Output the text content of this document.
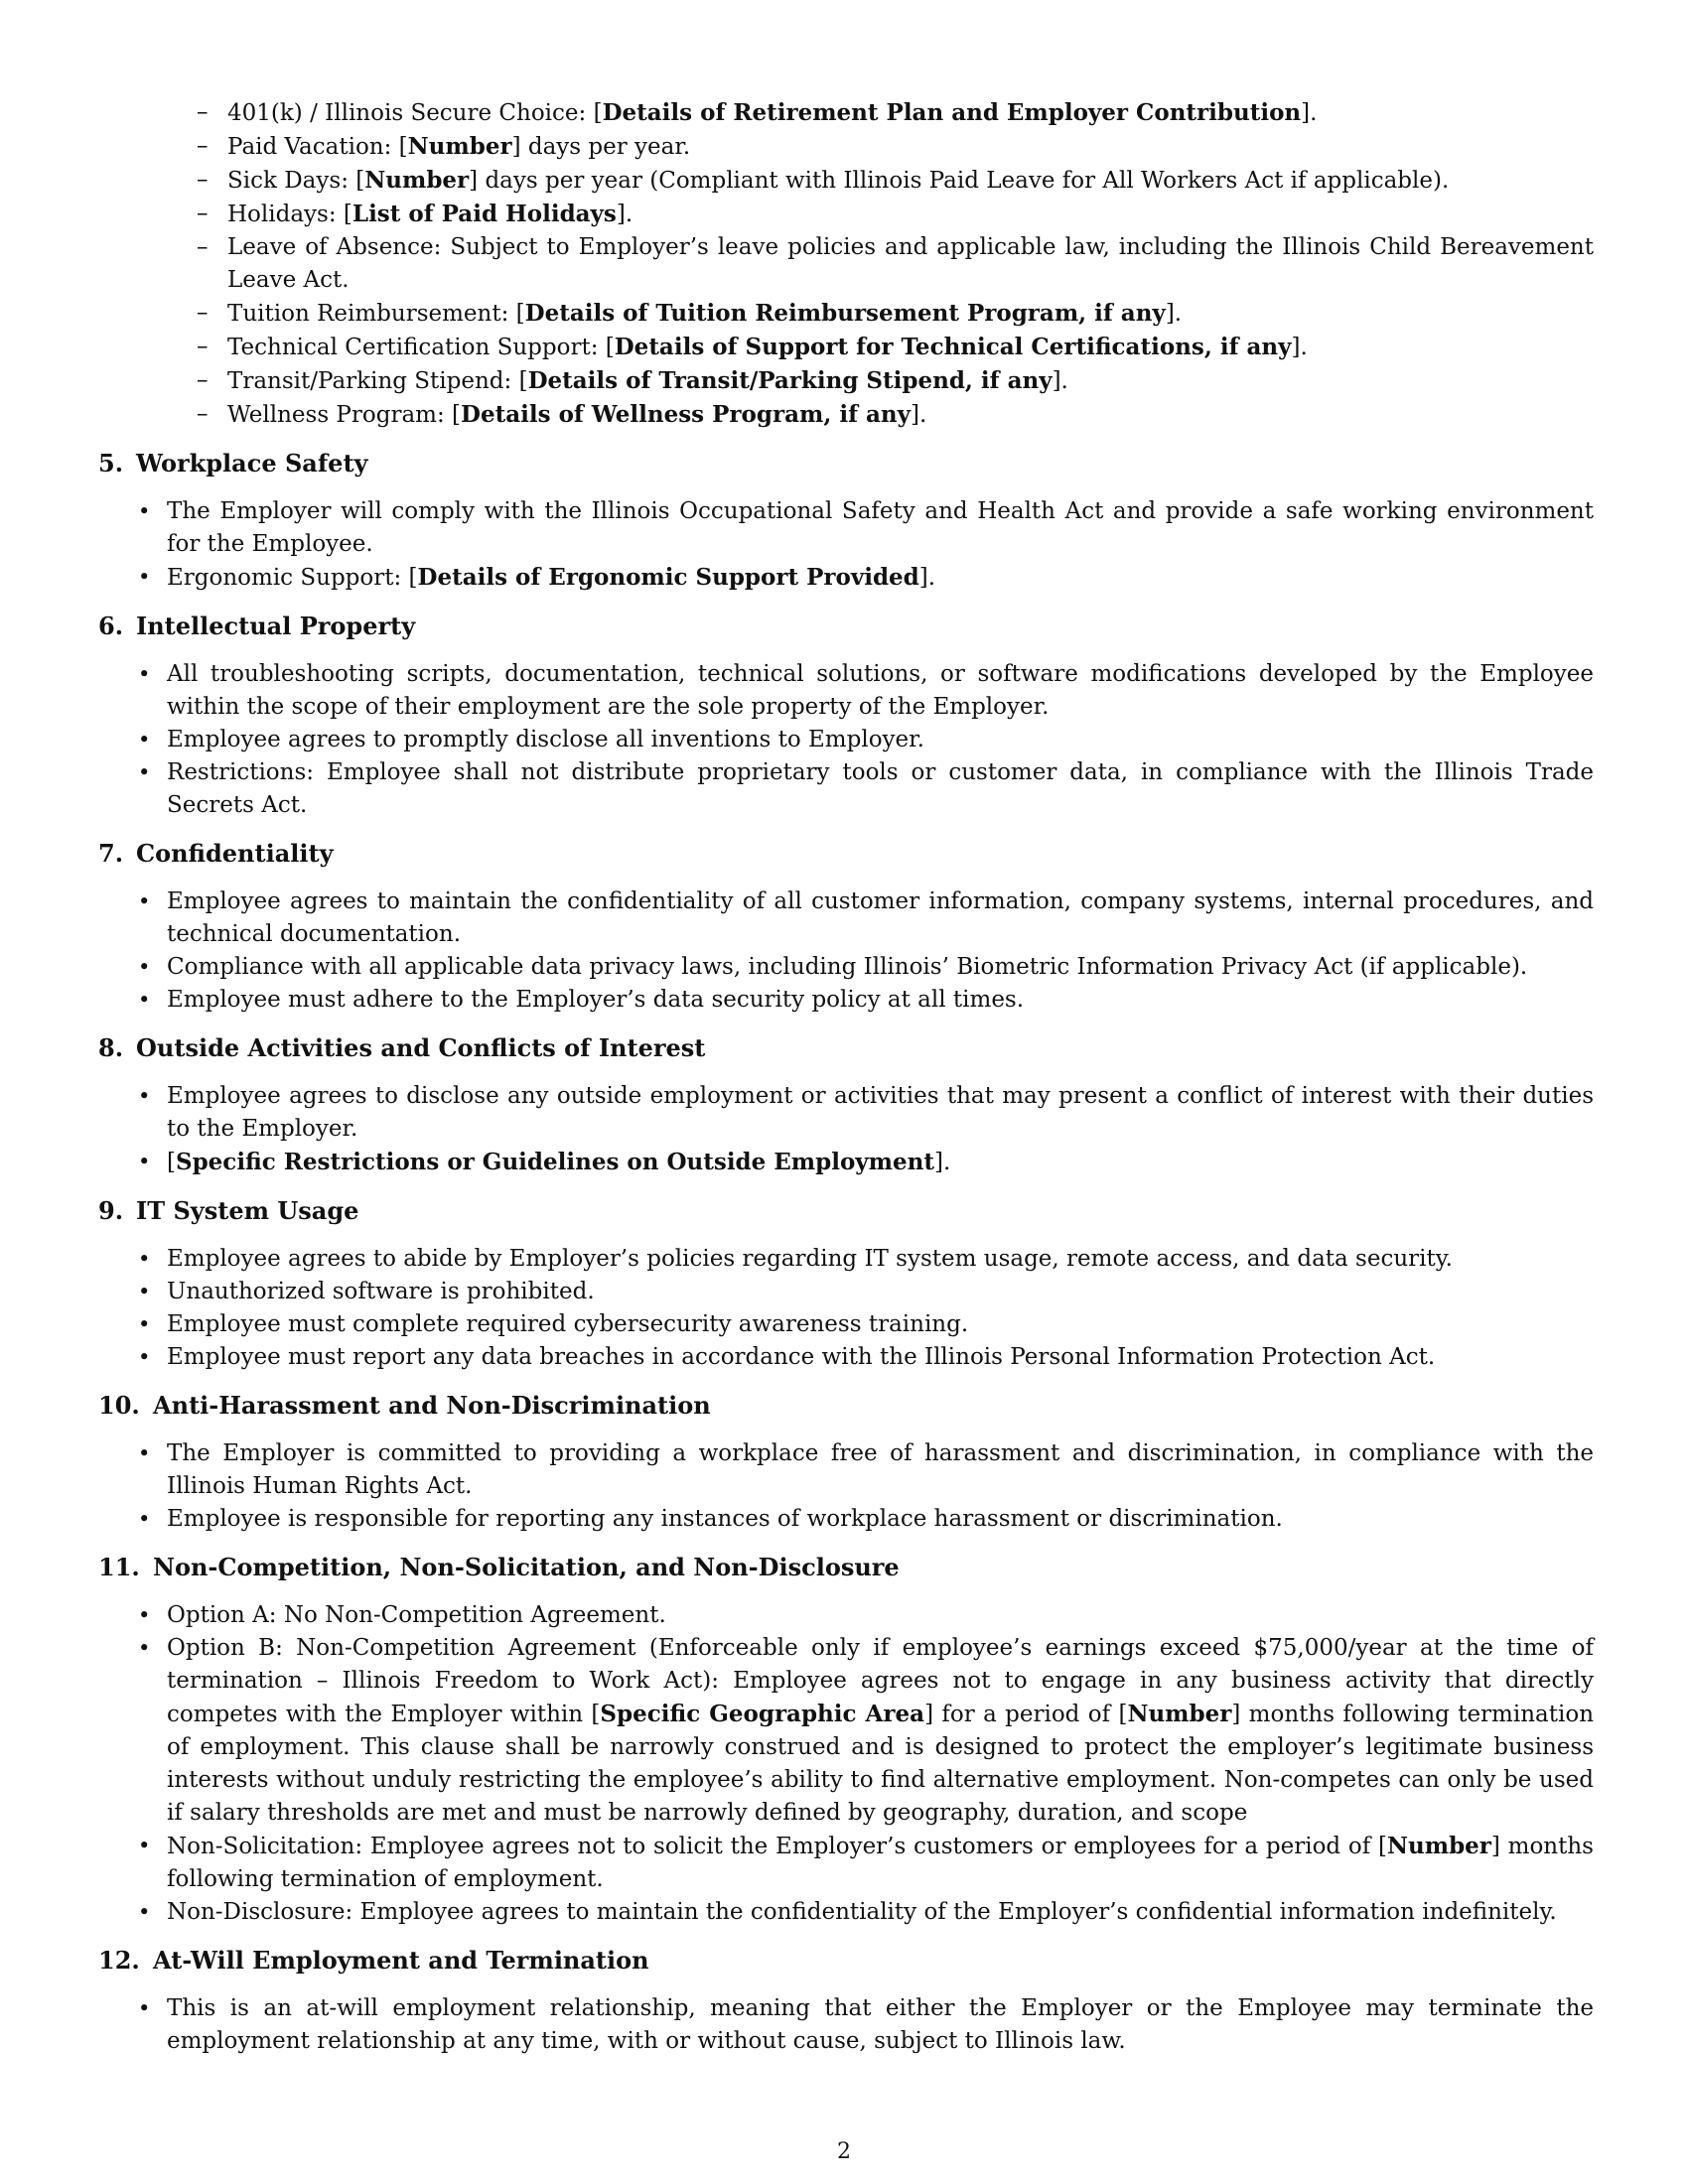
– 401(k) / Illinois Secure Choice: [Details of Retirement Plan and Employer Contribution].
– Paid Vacation: [Number] days per year.
– Sick Days: [Number] days per year (Compliant with Illinois Paid Leave for All Workers Act if applicable).
– Holidays: [List of Paid Holidays].
– Leave of Absence: Subject to Employer’s leave policies and applicable law, including the Illinois Child Bereavement Leave Act.
– Tuition Reimbursement: [Details of Tuition Reimbursement Program, if any].
– Technical Certification Support: [Details of Support for Technical Certifications, if any].
– Transit/Parking Stipend: [Details of Transit/Parking Stipend, if any].
– Wellness Program: [Details of Wellness Program, if any].
5. Workplace Safety
• The Employer will comply with the Illinois Occupational Safety and Health Act and provide a safe working environment for the Employee.
• Ergonomic Support: [Details of Ergonomic Support Provided].
6. Intellectual Property
• All troubleshooting scripts, documentation, technical solutions, or software modifications developed by the Employee within the scope of their employment are the sole property of the Employer.
• Employee agrees to promptly disclose all inventions to Employer.
• Restrictions: Employee shall not distribute proprietary tools or customer data, in compliance with the Illinois Trade Secrets Act.
7. Confidentiality
• Employee agrees to maintain the confidentiality of all customer information, company systems, internal procedures, and technical documentation.
• Compliance with all applicable data privacy laws, including Illinois’ Biometric Information Privacy Act (if applicable).
• Employee must adhere to the Employer’s data security policy at all times.
8. Outside Activities and Conflicts of Interest
• Employee agrees to disclose any outside employment or activities that may present a conflict of interest with their duties to the Employer.
• [Specific Restrictions or Guidelines on Outside Employment].
9. IT System Usage
• Employee agrees to abide by Employer’s policies regarding IT system usage, remote access, and data security.
• Unauthorized software is prohibited.
• Employee must complete required cybersecurity awareness training.
• Employee must report any data breaches in accordance with the Illinois Personal Information Protection Act.
10. Anti-Harassment and Non-Discrimination
• The Employer is committed to providing a workplace free of harassment and discrimination, in compliance with the Illinois Human Rights Act.
• Employee is responsible for reporting any instances of workplace harassment or discrimination.
11. Non-Competition, Non-Solicitation, and Non-Disclosure
• Option A: No Non-Competition Agreement.
• Option B: Non-Competition Agreement (Enforceable only if employee’s earnings exceed $75,000/year at the time of termination – Illinois Freedom to Work Act): Employee agrees not to engage in any business activity that directly competes with the Employer within [Specific Geographic Area] for a period of [Number] months following termination of employment. This clause shall be narrowly construed and is designed to protect the employer’s legitimate business interests without unduly restricting the employee’s ability to find alternative employment. Non-competes can only be used if salary thresholds are met and must be narrowly defined by geography, duration, and scope
• Non-Solicitation: Employee agrees not to solicit the Employer’s customers or employees for a period of [Number] months following termination of employment.
• Non-Disclosure: Employee agrees to maintain the confidentiality of the Employer’s confidential information indefinitely.
12. At-Will Employment and Termination
• This is an at-will employment relationship, meaning that either the Employer or the Employee may terminate the employment relationship at any time, with or without cause, subject to Illinois law.
2
